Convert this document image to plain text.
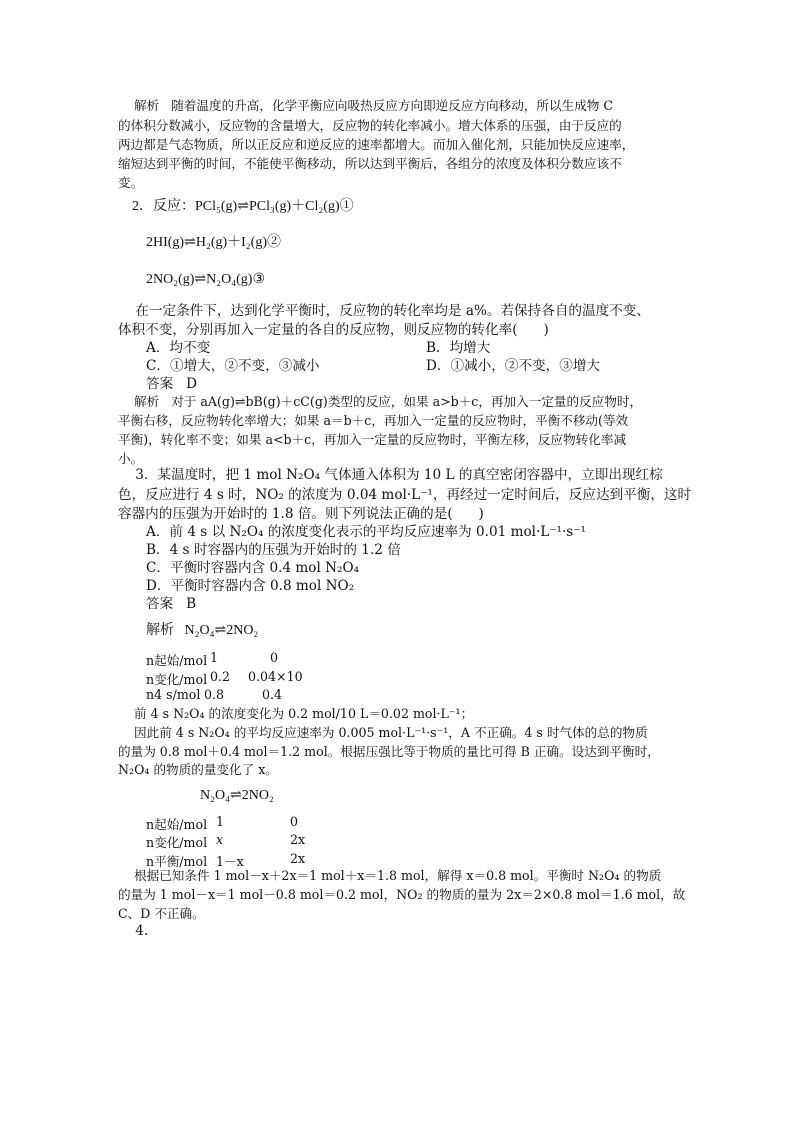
解析   随着温度的升高，化学平衡应向吸热反应方向即逆反应方向移动，所以生成物 C
的体积分数减小，反应物的含量增大，反应物的转化率减小。增大体系的压强，由于反应的
两边都是气态物质，所以正反应和逆反应的速率都增大。而加入催化剂，只能加快反应速率，
缩短达到平衡的时间，不能使平衡移动，所以达到平衡后，各组分的浓度及体积分数应该不
变。
2．反应：PCl₅(g)⇌PCl₃(g)＋Cl₂(g)①
2HI(g)⇌H₂(g)＋I₂(g)②
2NO₂(g)⇌N₂O₄(g)③
在一定条件下，达到化学平衡时，反应物的转化率均是 a%。若保持各自的温度不变、
体积不变，分别再加入一定量的各自的反应物，则反应物的转化率(      )
A．均不变	B．均增大
C．①增大，②不变，③减小	D．①减小，②不变，③增大
答案   D
解析   对于 aA(g)⇌bB(g)＋cC(g)类型的反应，如果 a>b＋c，再加入一定量的反应物时，
平衡右移，反应物转化率增大；如果 a＝b＋c，再加入一定量的反应物时，平衡不移动(等效
平衡)，转化率不变；如果 a<b＋c，再加入一定量的反应物时，平衡左移，反应物转化率减
小。
3．某温度时，把 1 mol N₂O₄ 气体通入体积为 10 L 的真空密闭容器中，立即出现红棕
色，反应进行 4 s 时，NO₂ 的浓度为 0.04 mol·L⁻¹，再经过一定时间后，反应达到平衡，这时
容器内的压强为开始时的 1.8 倍。则下列说法正确的是(      )
A．前 4 s 以 N₂O₄ 的浓度变化表示的平均反应速率为 0.01 mol·L⁻¹·s⁻¹
B．4 s 时容器内的压强为开始时的 1.2 倍
C．平衡时容器内含 0.4 mol N₂O₄
D．平衡时容器内含 0.8 mol NO₂
答案   B
解析   N₂O₄⇌2NO₂
n起始/mol 1	0
n变化/mol 0.2 0.04×10
n4 s/mol 0.8	0.4
前 4 s N₂O₄ 的浓度变化为 0.2 mol/10 L＝0.02 mol·L⁻¹；
因此前 4 s N₂O₄ 的平均反应速率为 0.005 mol·L⁻¹·s⁻¹，A 不正确。4 s 时气体的总的物质
的量为 0.8 mol＋0.4 mol＝1.2 mol。根据压强比等于物质的量比可得 B 正确。设达到平衡时，
N₂O₄ 的物质的量变化了 x。
N₂O₄⇌2NO₂
n起始/mol 1	0
n变化/mol x	2x
n平衡/mol 1－x	2x
根据已知条件 1 mol－x＋2x＝1 mol＋x＝1.8 mol，解得 x＝0.8 mol。平衡时 N₂O₄ 的物质
的量为 1 mol－x＝1 mol－0.8 mol＝0.2 mol，NO₂ 的物质的量为 2x＝2×0.8 mol＝1.6 mol，故
C、D 不正确。
4.
